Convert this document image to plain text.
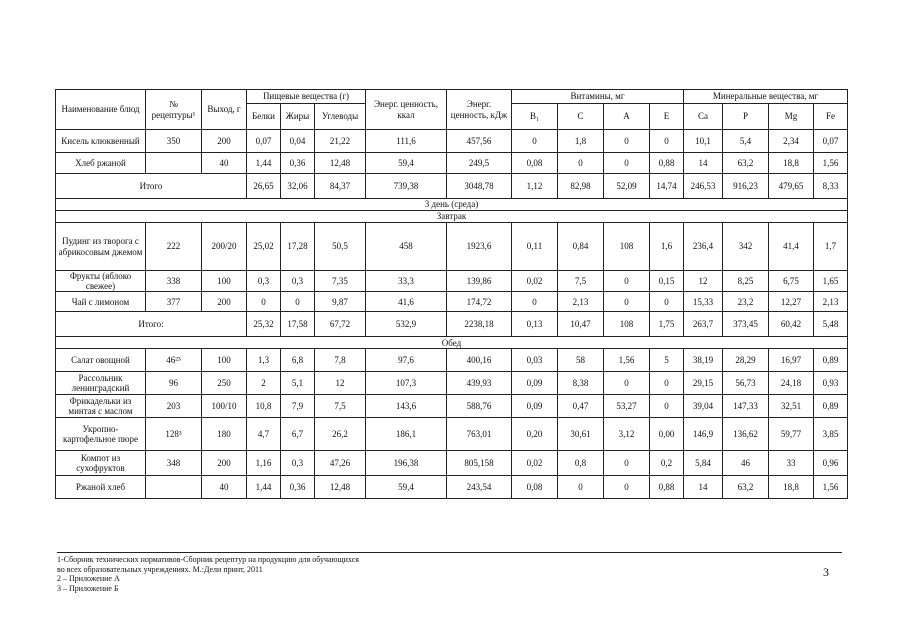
Наименование блюд	№ рецептуры¹	Выход, г	Пищевые вещества (г)			Энерг. ценность, ккал	Энерг. ценность, кДж	Витамины, мг				Минеральные вещества, мг			
			Белки	Жиры	Углеводы			B₁	C	A	E	Ca	P	Mg	Fe
Кисель клюквенный	350	200	0,07	0,04	21,22	111,6	457,56	0	1,8	0	0	10,1	5,4	2,34	0,07
Хлеб ржаной		40	1,44	0,36	12,48	59,4	249,5	0,08	0	0	0,88	14	63,2	18,8	1,56
Итого			26,65	32,06	84,37	739,38	3048,78	1,12	82,98	52,09	14,74	246,53	916,23	479,65	8,33
3 день (среда)															
Завтрак															
Пудинг из творога с абрикосовым джемом	222	200/20	25,02	17,28	50,5	458	1923,6	0,11	0,84	108	1,6	236,4	342	41,4	1,7
Фрукты (яблоко свежее)	338	100	0,3	0,3	7,35	33,3	139,86	0,02	7,5	0	0,15	12	8,25	6,75	1,65
Чай с лимоном	377	200	0	0	9,87	41,6	174,72	0	2,13	0	0	15,33	23,2	12,27	2,13
Итого:			25,32	17,58	67,72	532,9	2238,18	0,13	10,47	108	1,75	263,7	373,45	60,42	5,48
Обед															
Салат овощной	46²³	100	1,3	6,8	7,8	97,6	400,16	0,03	58	1,56	5	38,19	28,29	16,97	0,89
Рассольник ленинградский	96	250	2	5,1	12	107,3	439,93	0,09	8,38	0	0	29,15	56,73	24,18	0,93
Фрикадельки из минтая с маслом	203	100/10	10,8	7,9	7,5	143,6	588,76	0,09	0,47	53,27	0	39,04	147,33	32,51	0,89
Укропно-картофельное пюре	128³	180	4,7	6,7	26,2	186,1	763,01	0,20	30,61	3,12	0,00	146,9	136,62	59,77	3,85
Компот из сухофруктов	348	200	1,16	0,3	47,26	196,38	805,158	0,02	0,8	0	0,2	5,84	46	33	0,96
Ржаной хлеб		40	1,44	0,36	12,48	59,4	243,54	0,08	0	0	0,88	14	63,2	18,8	1,56
1-Сборник технических нормативов-Сборник рецептур на продукцию для обучающихся
во всех образовательных учреждениях. М.:Дели принт, 2011
2 – Приложение А
3 – Приложение Б
3
